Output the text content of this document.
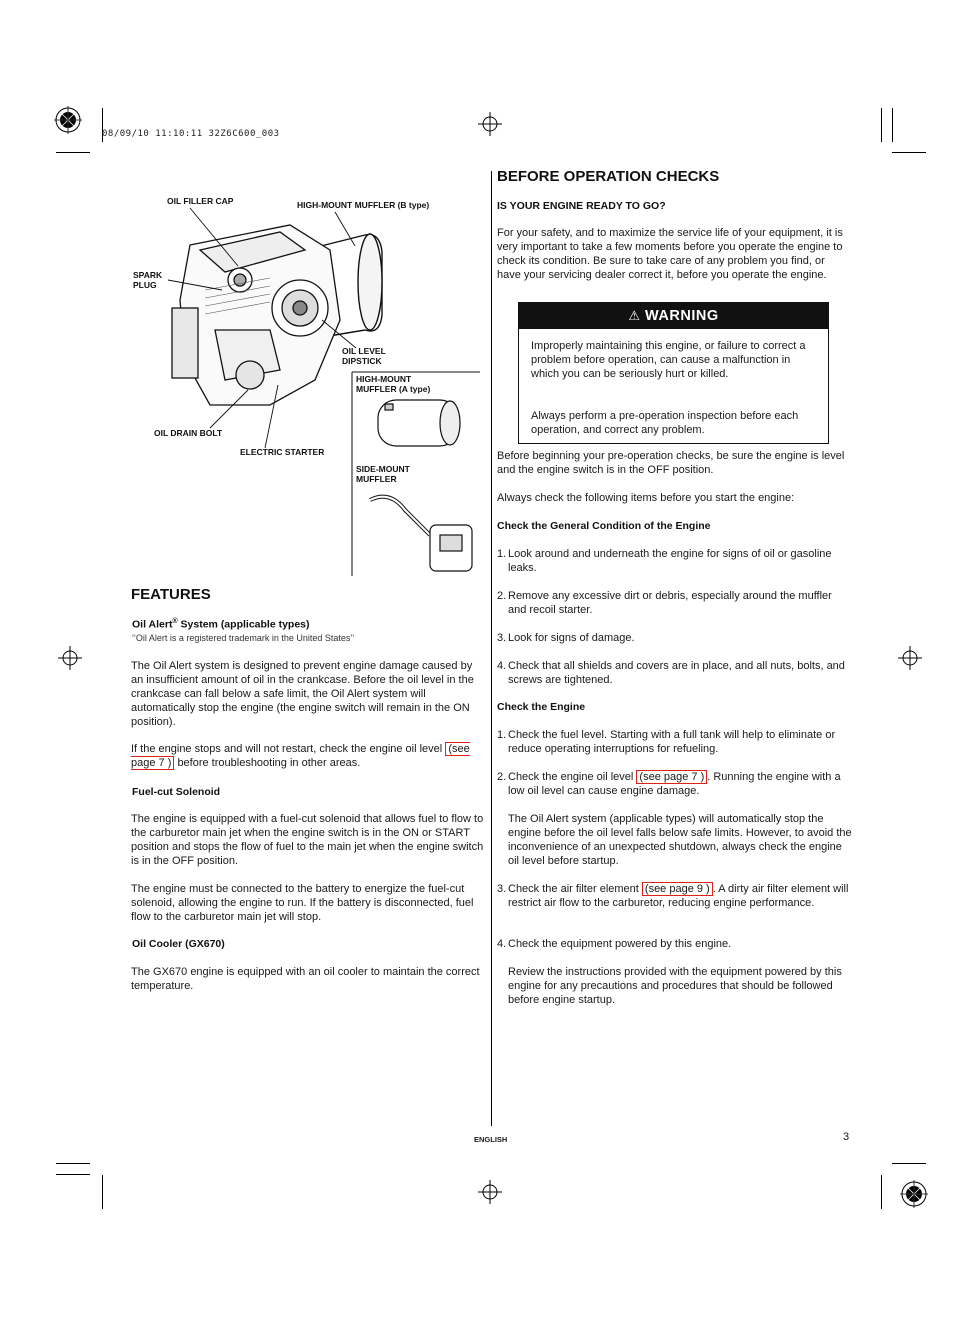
08/09/10 11:10:11 32Z6C600_003
OIL FILLER CAP	HIGH-MOUNT MUFFLER (B type)
SPARK
PLUG
OIL LEVEL
DIPSTICK
HIGH-MOUNT
MUFFLER (A type)
OIL DRAIN BOLT
ELECTRIC STARTER
SIDE-MOUNT
MUFFLER
FEATURES
Oil Alert® System (applicable types)
‘‘Oil Alert is a registered trademark in the United States’’
The Oil Alert system is designed to prevent engine damage caused by an insufficient amount of oil in the crankcase. Before the oil level in the crankcase can fall below a safe limit, the Oil Alert system will automatically stop the engine (the engine switch will remain in the ON position).
If the engine stops and will not restart, check the engine oil level (see page 7 ) before troubleshooting in other areas.
Fuel-cut Solenoid
The engine is equipped with a fuel-cut solenoid that allows fuel to flow to the carburetor main jet when the engine switch is in the ON or START position and stops the flow of fuel to the main jet when the engine switch is in the OFF position.
The engine must be connected to the battery to energize the fuel-cut solenoid, allowing the engine to run. If the battery is disconnected, fuel flow to the carburetor main jet will stop.
Oil Cooler (GX670)
The GX670 engine is equipped with an oil cooler to maintain the correct temperature.
BEFORE OPERATION CHECKS
IS YOUR ENGINE READY TO GO?
For your safety, and to maximize the service life of your equipment, it is very important to take a few moments before you operate the engine to check its condition. Be sure to take care of any problem you find, or have your servicing dealer correct it, before you operate the engine.
⚠ WARNING
Improperly maintaining this engine, or failure to correct a problem before operation, can cause a malfunction in which you can be seriously hurt or killed.
Always perform a pre-operation inspection before each operation, and correct any problem.
Before beginning your pre-operation checks, be sure the engine is level and the engine switch is in the OFF position.
Always check the following items before you start the engine:
Check the General Condition of the Engine
1. Look around and underneath the engine for signs of oil or gasoline leaks.
2. Remove any excessive dirt or debris, especially around the muffler and recoil starter.
3. Look for signs of damage.
4. Check that all shields and covers are in place, and all nuts, bolts, and screws are tightened.
Check the Engine
1. Check the fuel level. Starting with a full tank will help to eliminate or reduce operating interruptions for refueling.
2. Check the engine oil level (see page 7 ) . Running the engine with a low oil level can cause engine damage.
The Oil Alert system (applicable types) will automatically stop the engine before the oil level falls below safe limits. However, to avoid the inconvenience of an unexpected shutdown, always check the engine oil level before startup.
3. Check the air filter element (see page 9 ) . A dirty air filter element will restrict air flow to the carburetor, reducing engine performance.
4. Check the equipment powered by this engine.
Review the instructions provided with the equipment powered by this engine for any precautions and procedures that should be followed before engine startup.
ENGLISH	3
